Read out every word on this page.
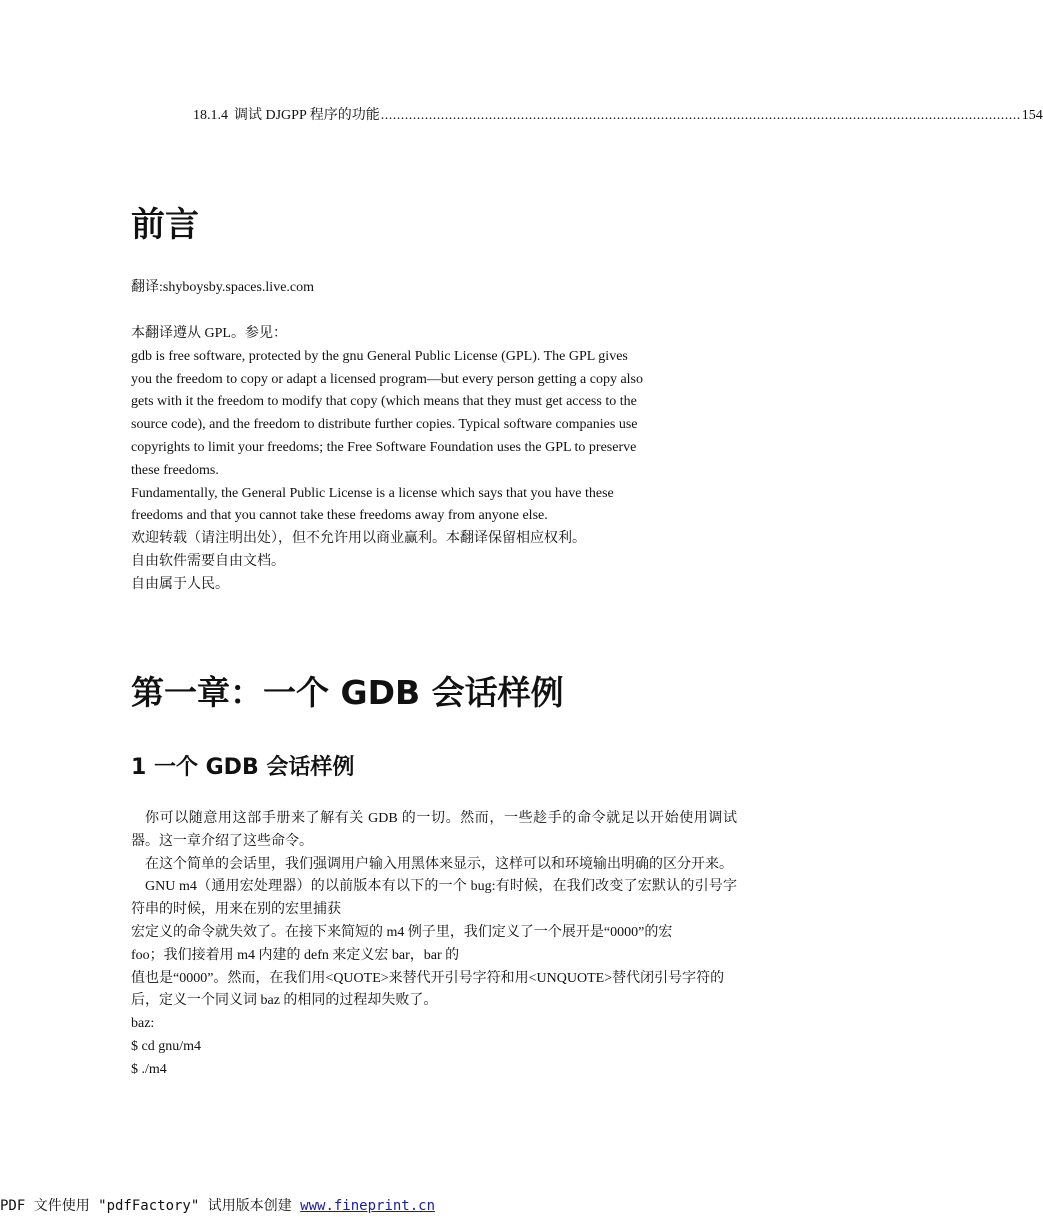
18.1.4 调试 DJGPP 程序的功能 ................................................................................................................................................................ 154
前言

翻译:shyboysby.spaces.live.com

本翻译遵从 GPL。参见：

gdb is free software, protected by the gnu General Public License (GPL). The GPL gives

you the freedom to copy or adapt a licensed program—but every person getting a copy also

gets with it the freedom to modify that copy (which means that they must get access to the

source code), and the freedom to distribute further copies. Typical software companies use

copyrights to limit your freedoms; the Free Software Foundation uses the GPL to preserve

these freedoms.

Fundamentally, the General Public License is a license which says that you have these

freedoms and that you cannot take these freedoms away from anyone else.

欢迎转载（请注明出处），但不允许用以商业赢利。本翻译保留相应权利。

自由软件需要自由文档。

自由属于人民。

第一章：一个 GDB 会话样例
1 一个 GDB 会话样例

你可以随意用这部手册来了解有关 GDB 的一切。然而，一些趁手的命令就足以开始使用调试器。这一章介绍了这些命令。

在这个简单的会话里，我们强调用户输入用黑体来显示，这样可以和环境输出明确的区分开来。

GNU m4（通用宏处理器）的以前版本有以下的一个 bug:有时候，在我们改变了宏默认的引号字符串的时候，用来在别的宏里捕获

宏定义的命令就失效了。在接下来简短的 m4 例子里，我们定义了一个展开是“0000”的宏

foo；我们接着用 m4 内建的 defn 来定义宏 bar，bar 的

值也是“0000”。然而，在我们用<QUOTE>来替代开引号字符和用<UNQUOTE>替代闭引号字符的后，定义一个同义词 baz 的相同的过程却失败了。

baz:

$ cd gnu/m4

$ ./m4

PDF 文件使用 "pdfFactory" 试用版本创建 www.fineprint.cn
